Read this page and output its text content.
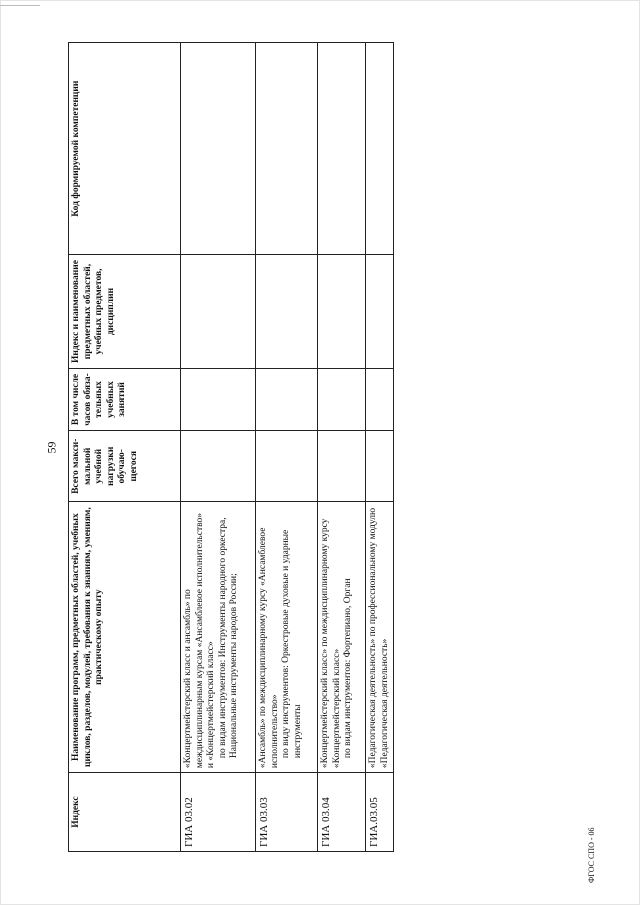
59
Индекс	Наименование программ, предметных областей, учебных циклов, разделов, модулей, требования к знаниям, умениям, практическому опыту	Всего макси-мальной учебной нагрузки обучаю-щегося	В том числе часов обяза-тельных учебных занятий	Индекс и наименование предметных областей, учебных предметов, дисциплин	Код формируемой компетенции
ГИА 03.02	«Концертмейстерский класс и ансамбль» по междисциплинарным курсам «Ансамблевое исполнительство» и «Концертмейстерский класс» по видам инструментов: Инструменты народного оркестра, Национальные инструменты народов России;				

ГИА 03.03	«Ансамбль» по междисциплинарному курсу «Ансамблевое исполнительство» по виду инструментов: Оркестровые духовые и ударные инструменты				

ГИА 03.04	«Концертмейстерский класс» по междисциплинарному курсу «Концертмейстерский класс» по видам инструментов: Фортепиано, Орган				

ГИА.03.05	«Педагогическая деятельность» по профессиональному модулю «Педагогическая деятельность»				

ФГОС СПО - 06
